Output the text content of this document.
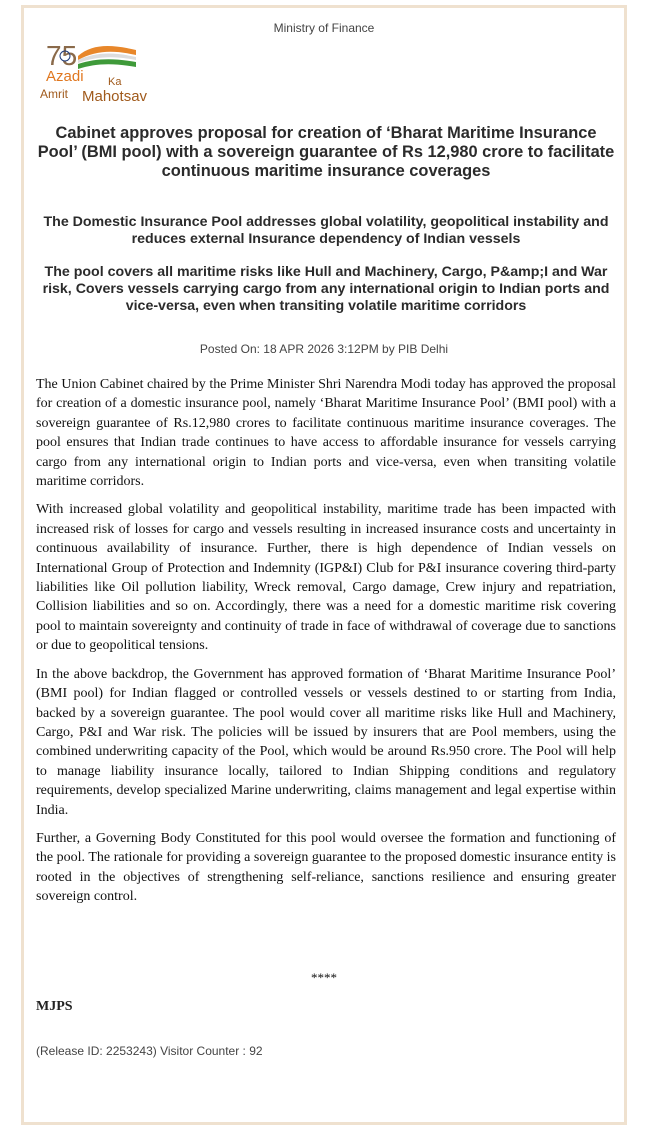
Ministry of Finance
75
Azadi Ka
Amrit Mahotsav
Cabinet approves proposal for creation of ‘Bharat Maritime Insurance Pool’ (BMI pool) with a sovereign guarantee of Rs 12,980 crore to facilitate continuous maritime insurance coverages
The Domestic Insurance Pool addresses global volatility, geopolitical instability and reduces external Insurance dependency of Indian vessels
The pool covers all maritime risks like Hull and Machinery, Cargo, P&amp;I and War risk, Covers vessels carrying cargo from any international origin to Indian ports and vice-versa, even when transiting volatile maritime corridors
Posted On: 18 APR 2026 3:12PM by PIB Delhi

The Union Cabinet chaired by the Prime Minister Shri Narendra Modi today has approved the proposal for creation of a domestic insurance pool, namely ‘Bharat Maritime Insurance Pool’ (BMI pool) with a sovereign guarantee of Rs.12,980 crores to facilitate continuous maritime insurance coverages. The pool ensures that Indian trade continues to have access to affordable insurance for vessels carrying cargo from any international origin to Indian ports and vice-versa, even when transiting volatile maritime corridors.

With increased global volatility and geopolitical instability, maritime trade has been impacted with increased risk of losses for cargo and vessels resulting in increased insurance costs and uncertainty in continuous availability of insurance. Further, there is high dependence of Indian vessels on International Group of Protection and Indemnity (IGP&I) Club for P&I insurance covering third-party liabilities like Oil pollution liability, Wreck removal, Cargo damage, Crew injury and repatriation, Collision liabilities and so on. Accordingly, there was a need for a domestic maritime risk covering pool to maintain sovereignty and continuity of trade in face of withdrawal of coverage due to sanctions or due to geopolitical tensions.

In the above backdrop, the Government has approved formation of ‘Bharat Maritime Insurance Pool’ (BMI pool) for Indian flagged or controlled vessels or vessels destined to or starting from India, backed by a sovereign guarantee. The pool would cover all maritime risks like Hull and Machinery, Cargo, P&I and War risk. The policies will be issued by insurers that are Pool members, using the combined underwriting capacity of the Pool, which would be around Rs.950 crore. The Pool will help to manage liability insurance locally, tailored to Indian Shipping conditions and regulatory requirements, develop specialized Marine underwriting, claims management and legal expertise within India.

Further, a Governing Body Constituted for this pool would oversee the formation and functioning of the pool. The rationale for providing a sovereign guarantee to the proposed domestic insurance entity is rooted in the objectives of strengthening self-reliance, sanctions resilience and ensuring greater sovereign control.

****
MJPS
(Release ID: 2253243) Visitor Counter : 92
